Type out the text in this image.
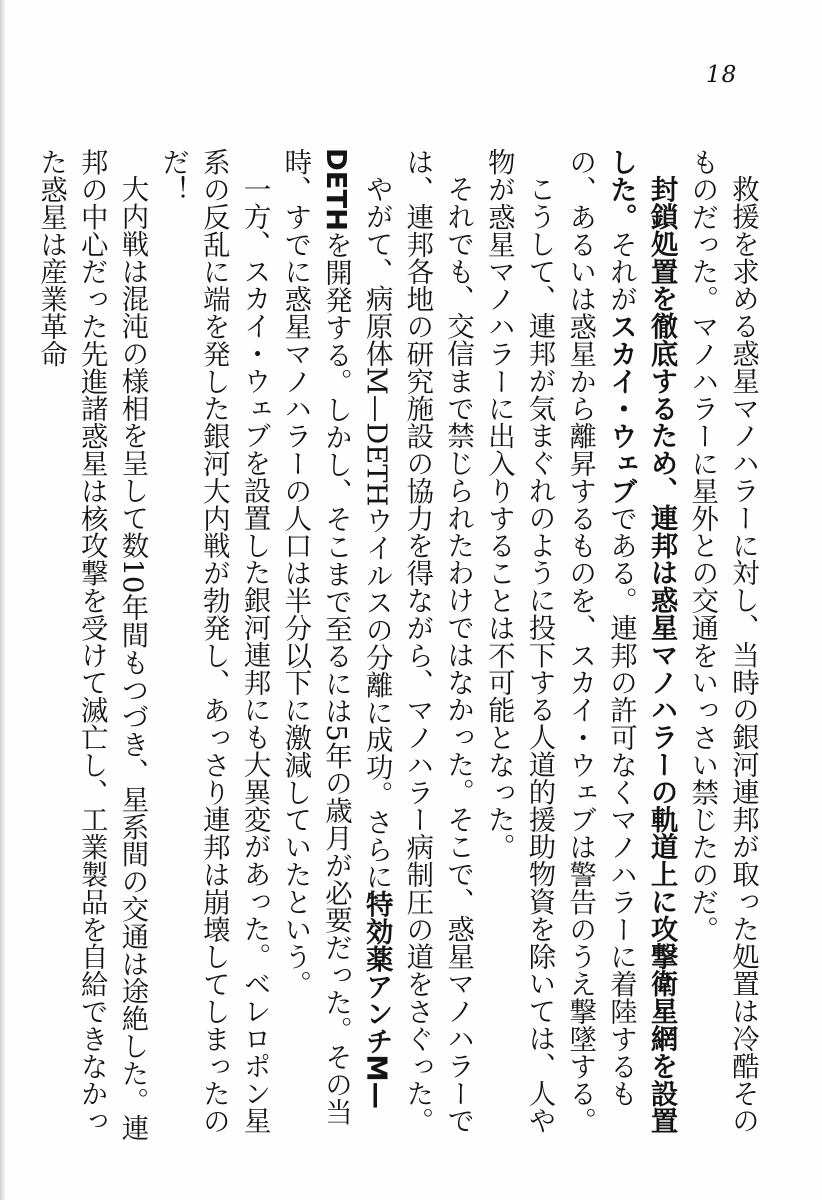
18

救援を求める惑星マノハラーに対し、当時の銀河連邦が取った処置は冷酷そのものだった。マノハラーに星外との交通をいっさい禁じたのだ。

封鎖処置を徹底するため、連邦は惑星マノハラーの軌道上に攻撃衛星網を設置した。それがスカイ・ウェブである。連邦の許可なくマノハラーに着陸するもの、あるいは惑星から離昇するものを、スカイ・ウェブは警告のうえ撃墜する。

こうして、連邦が気まぐれのように投下する人道的援助物資を除いては、人や物が惑星マノハラーに出入りすることは不可能となった。

それでも、交信まで禁じられたわけではなかった。そこで、惑星マノハラーでは、連邦各地の研究施設の協力を得ながら、マノハラー病制圧の道をさぐった。

やがて、病原体M—DETHウイルスの分離に成功。さらに特効薬アンチM—DETHを開発する。しかし、そこまで至るには5年の歳月が必要だった。その当時、すでに惑星マノハラーの人口は半分以下に激減していたという。

一方、スカイ・ウェブを設置した銀河連邦にも大異変があった。ベレロポン星系の反乱に端を発した銀河大内戦が勃発し、あっさり連邦は崩壊してしまったのだ！

大内戦は混沌の様相を呈して数10年間もつづき、星系間の交通は途絶した。連邦の中心だった先進諸惑星は核攻撃を受けて滅亡し、工業製品を自給できなかった惑星は産業革命
